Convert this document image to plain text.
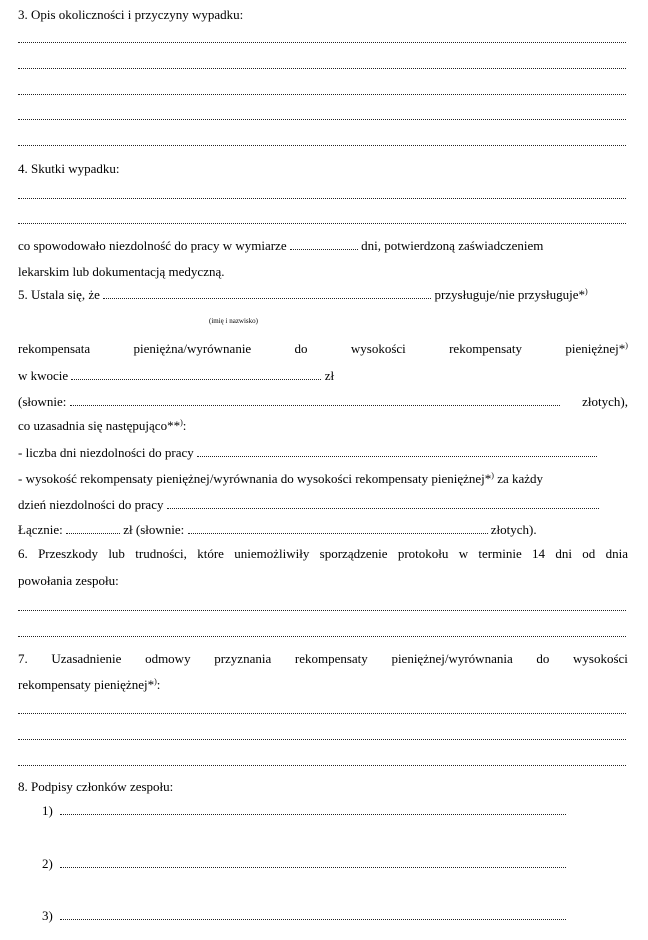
3. Opis okoliczności i przyczyny wypadku:
4. Skutki wypadku:
co spowodowało niezdolność do pracy w wymiarze	dni, potwierdzoną zaświadczeniem
lekarskim lub dokumentacją medyczną.
5. Ustala się, że	przysługuje/nie przysługuje*)
(imię i nazwisko)
rekompensata	pieniężna/wyrównanie	do	wysokości	rekompensaty	pieniężnej*)
w kwocie	zł
(słownie:	złotych),
co uzasadnia się następująco**):
- liczba dni niezdolności do pracy
- wysokość rekompensaty pieniężnej/wyrównania do wysokości rekompensaty pieniężnej*) za każdy
dzień niezdolności do pracy
Łącznie:	zł (słownie:	złotych).
6. Przeszkody lub trudności, które uniemożliwiły sporządzenie protokołu w terminie 14 dni od dnia
powołania zespołu:
7. Uzasadnienie odmowy przyznania rekompensaty pieniężnej/wyrównania do wysokości
rekompensaty pieniężnej*):
8. Podpisy członków zespołu:
1)
2)
3)
